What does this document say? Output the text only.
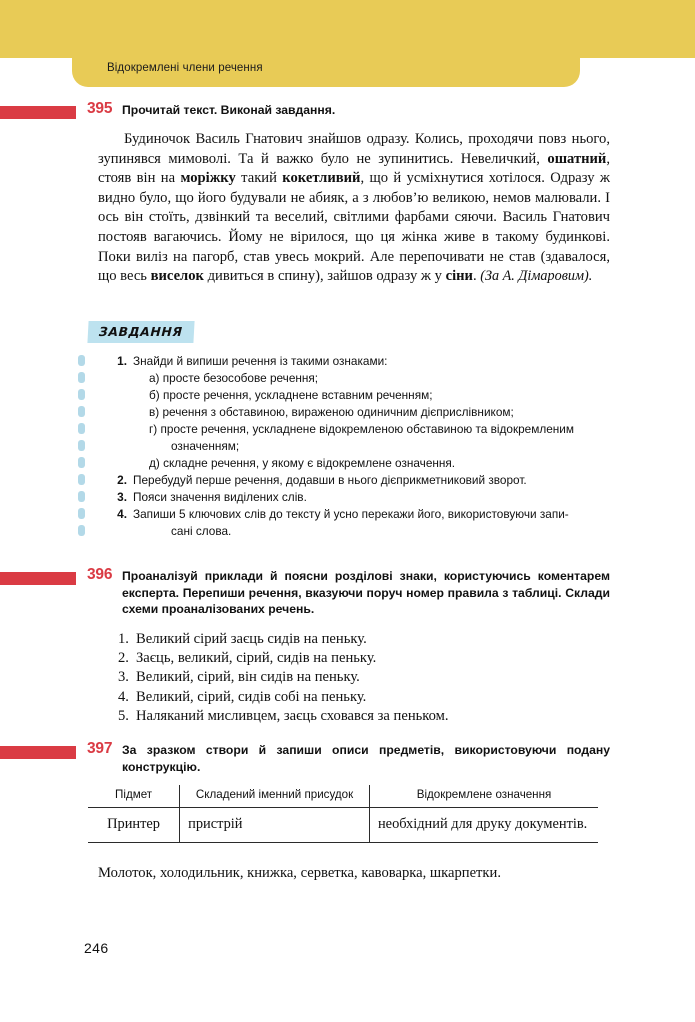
Відокремлені члени речення
395 Прочитай текст. Виконай завдання.
Будиночок Василь Гнатович знайшов одразу. Колись, проходячи повз нього, зупинявся мимоволі. Та й важко було не зупинитись. Невеличкий, ошатний, стояв він на моріжку такий кокетливий, що й усміхнутися хотілося. Одразу ж видно було, що його будували не абияк, а з любов’ю великою, немов малювали. І ось він стоїть, дзвінкий та веселий, світлими фарбами сяючи. Василь Гнатович постояв вагаючись. Йому не вірилося, що ця жінка живе в такому будинкові. Поки виліз на пагорб, став увесь мокрий. Але перепочивати не став (здавалося, що весь виселок дивиться в спину), зайшов одразу ж у сіни. (За А. Дімаровим).
ЗАВДАННЯ
1. Знайди й випиши речення із такими ознаками:
а) просте безособове речення;
б) просте речення, ускладнене вставним реченням;
в) речення з обставиною, вираженою одиничним дієприслівником;
г) просте речення, ускладнене відокремленою обставиною та відокремленим
означенням;
д) складне речення, у якому є відокремлене означення.
2. Перебудуй перше речення, додавши в нього дієприкметниковий зворот.
3. Пояси значення виділених слів.
4. Запиши 5 ключових слів до тексту й усно перекажи його, використовуючи запи-
сані слова.
396 Проаналізуй приклади й поясни розділові знаки, користуючись коментарем експерта. Перепиши речення, вказуючи поруч номер правила з таблиці. Склади схеми проаналізованих речень.
1. Великий сірий заєць сидів на пеньку.
2. Заєць, великий, сірий, сидів на пеньку.
3. Великий, сірий, він сидів на пеньку.
4. Великий, сірий, сидів собі на пеньку.
5. Наляканий мисливцем, заєць сховався за пеньком.
397 За зразком створи й запиши описи предметів, використовуючи подану конструкцію.
Підмет	Складений іменний присудок	Відокремлене означення
Принтер	пристрій	необхідний для друку документів.
Молоток, холодильник, книжка, серветка, кавоварка, шкарпетки.
246
